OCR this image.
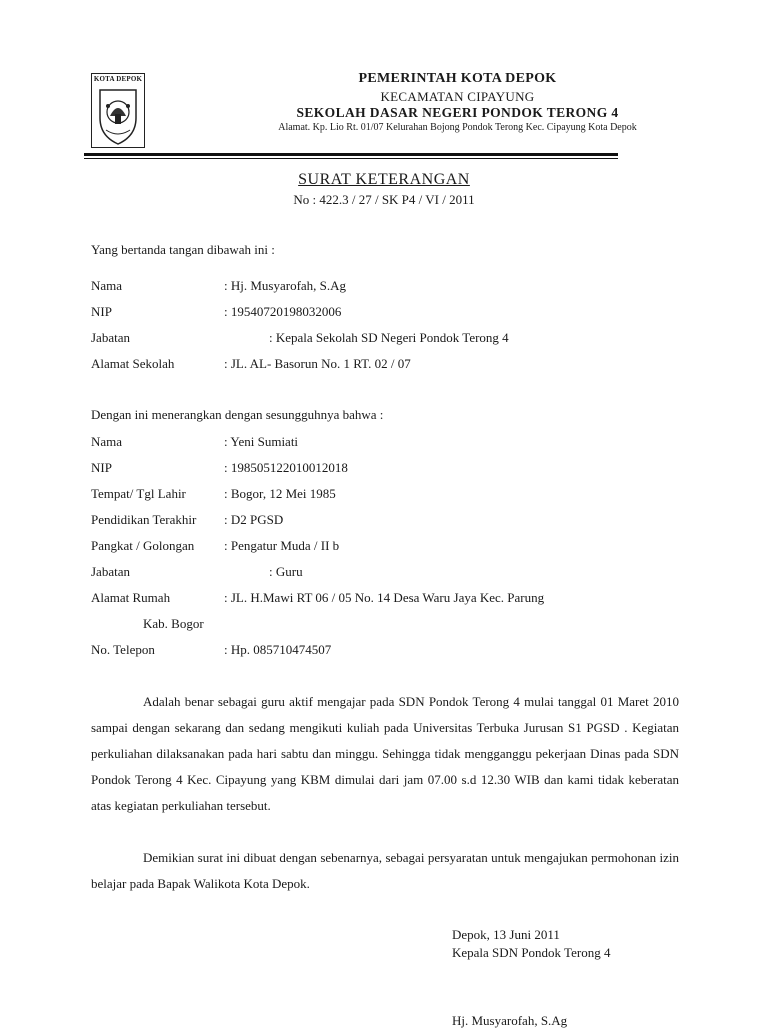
KOTA DEPOK	PEMERINTAH KOTA DEPOK
KECAMATAN CIPAYUNG
SEKOLAH DASAR NEGERI PONDOK TERONG 4
Alamat. Kp. Lio Rt. 01/07 Kelurahan Bojong Pondok Terong Kec. Cipayung Kota Depok
SURAT KETERANGAN
No : 422.3 / 27 / SK P4 / VI / 2011
Yang bertanda tangan dibawah ini :
Nama	: Hj. Musyarofah, S.Ag
NIP	: 19540720198032006
Jabatan	: Kepala Sekolah SD Negeri Pondok Terong 4
Alamat Sekolah	: JL. AL- Basorun No. 1 RT. 02 / 07
Dengan ini menerangkan dengan sesungguhnya bahwa :
Nama	: Yeni Sumiati
NIP	: 198505122010012018
Tempat/ Tgl Lahir	: Bogor, 12 Mei 1985
Pendidikan Terakhir : D2 PGSD
Pangkat / Golongan : Pengatur Muda / II b
Jabatan	: Guru
Alamat Rumah	: JL. H.Mawi RT 06 / 05 No. 14 Desa Waru Jaya Kec. Parung
Kab. Bogor
No. Telepon	: Hp. 085710474507
Adalah benar sebagai guru aktif mengajar pada SDN Pondok Terong 4 mulai tanggal 01 Maret 2010 sampai dengan sekarang dan sedang mengikuti kuliah pada Universitas Terbuka Jurusan S1 PGSD . Kegiatan perkuliahan dilaksanakan pada hari sabtu dan minggu. Sehingga tidak mengganggu pekerjaan Dinas pada SDN Pondok Terong 4 Kec. Cipayung yang KBM dimulai dari jam 07.00 s.d 12.30 WIB dan kami tidak keberatan atas kegiatan perkuliahan tersebut.
Demikian surat ini dibuat dengan sebenarnya, sebagai persyaratan untuk mengajukan permohonan izin belajar pada Bapak Walikota Kota Depok.
Depok, 13 Juni 2011
Kepala SDN Pondok Terong 4
Hj. Musyarofah, S.Ag
